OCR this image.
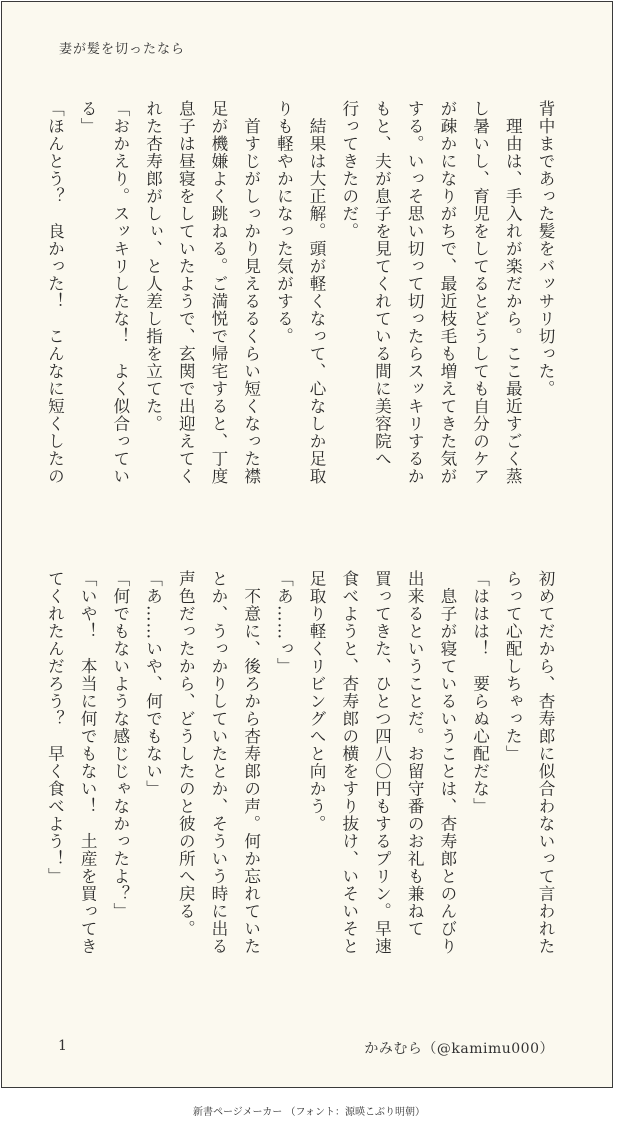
妻が髪を切ったなら
背中まであった髪をバッサリ切った。
　理由は、手入れが楽だから。ここ最近すごく蒸
し暑いし、育児をしてるとどうしても自分のケア
が疎かになりがちで、最近枝毛も増えてきた気が
する。いっそ思い切って切ったらスッキリするか
もと、夫が息子を見てくれている間に美容院へ
行ってきたのだ。
　結果は大正解。頭が軽くなって、心なしか足取
りも軽やかになった気がする。
　首すじがしっかり見えるるくらい短くなった襟
足が機嫌よく跳ねる。ご満悦で帰宅すると、丁度
息子は昼寝をしていたようで、玄関で出迎えてく
れた杏寿郎がしぃ、と人差し指を立てた。
「おかえり。スッキリしたな！　よく似合ってい
る」
「ほんとう？　良かった！　こんなに短くしたの
初めてだから、杏寿郎に似合わないって言われた
らって心配しちゃった」
「ははは！　要らぬ心配だな」
　息子が寝ているいうことは、杏寿郎とのんびり
出来るということだ。お留守番のお礼も兼ねて
買ってきた、ひとつ四八〇円もするプリン。早速
食べようと、杏寿郎の横をすり抜け、いそいそと
足取り軽くリビングへと向かう。
「あ……っ」
　不意に、後ろから杏寿郎の声。何か忘れていた
とか、うっかりしていたとか、そういう時に出る
声色だったから、どうしたのと彼の所へ戻る。
「あ……いや、何でもない」
「何でもないような感じじゃなかったよ？」
「いや！　本当に何でもない！　土産を買ってき
てくれたんだろう？　早く食べよう！」
1	かみむら（@kamimu000）
新書ページメーカー （フォント：源暎こぶり明朝）
